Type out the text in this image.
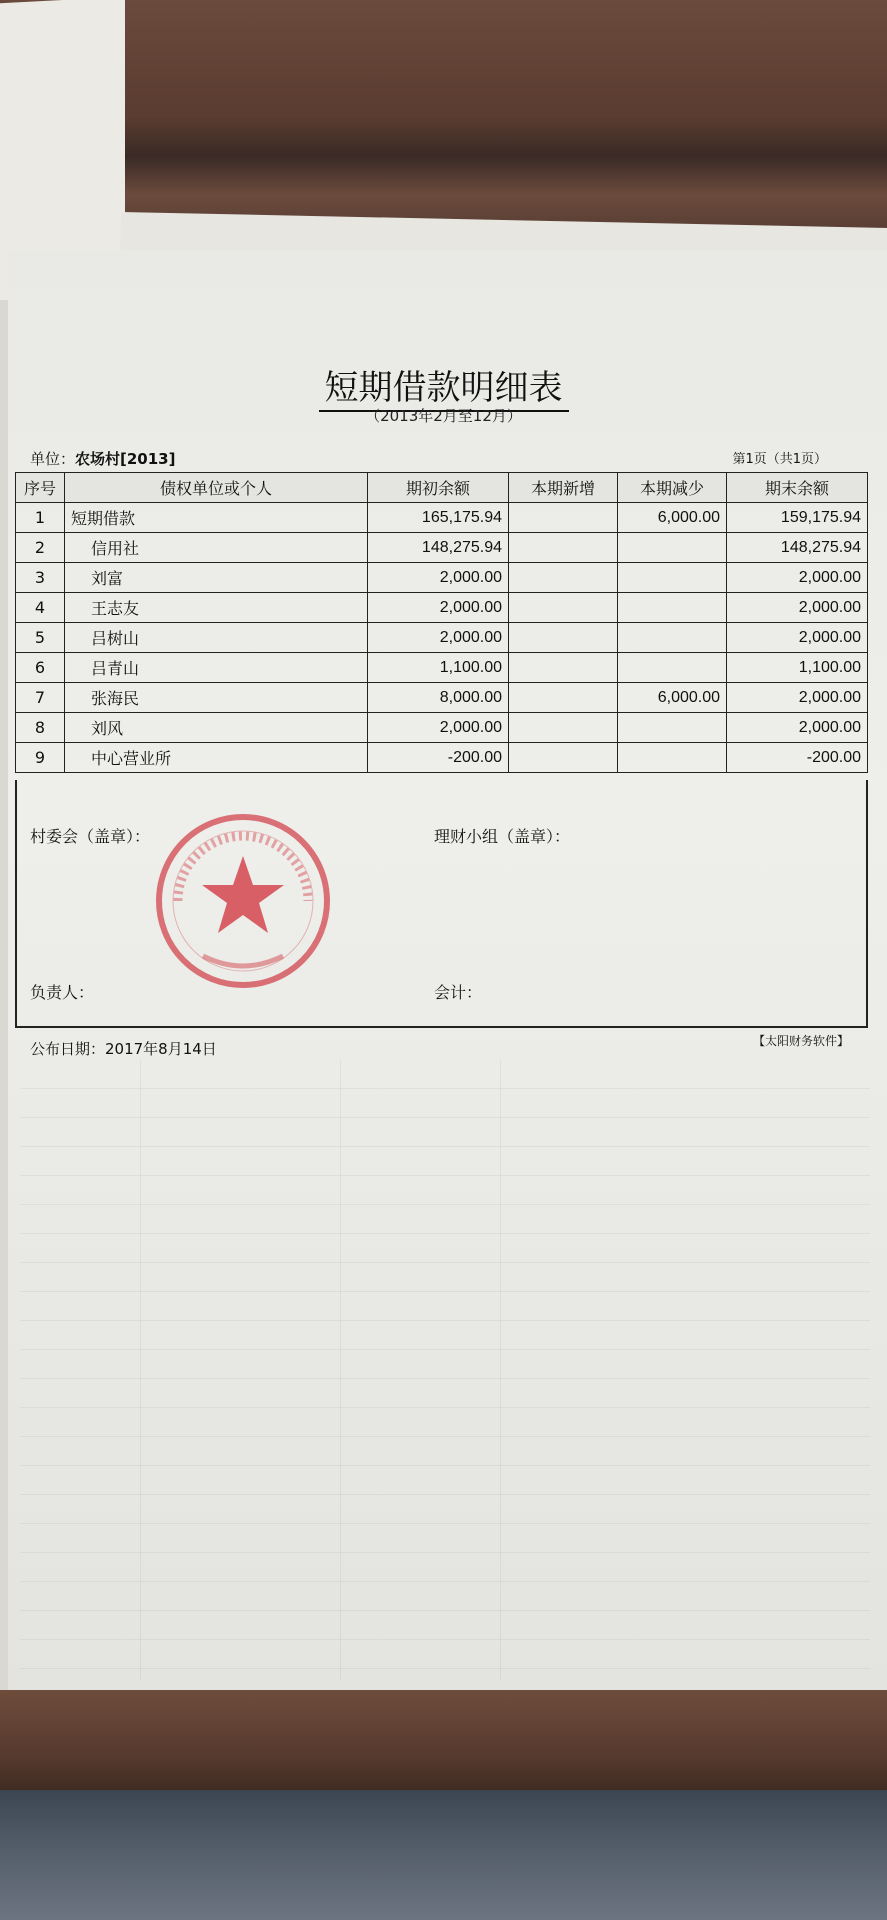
短期借款明细表
（2013年2月至12月）
单位：农场村[2013]	第1页（共1页）
序号	债权单位或个人	期初余额	本期新增	本期减少	期末余额
1	短期借款	165,175.94		6,000.00	159,175.94
2	信用社	148,275.94			148,275.94
3	刘富	2,000.00			2,000.00
4	王志友	2,000.00			2,000.00
5	吕树山	2,000.00			2,000.00
6	吕青山	1,100.00			1,100.00
7	张海民	8,000.00		6,000.00	2,000.00
8	刘风	2,000.00			2,000.00
9	中心营业所	-200.00			-200.00
村委会（盖章）：	理财小组（盖章）：
负责人：	会计：
公布日期：2017年8月14日	【太阳财务软件】
